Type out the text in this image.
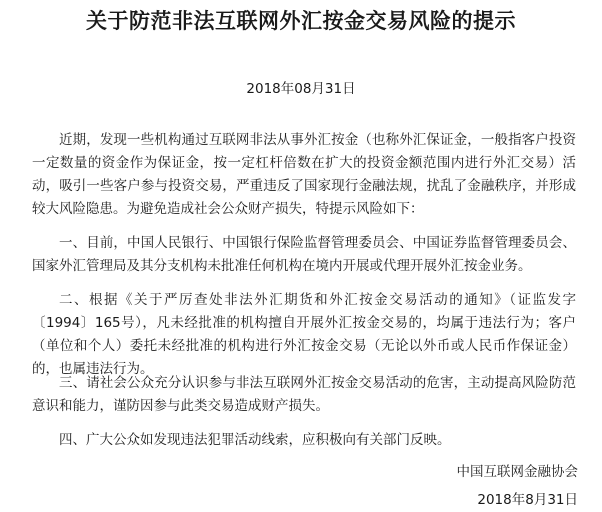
关于防范非法互联网外汇按金交易风险的提示
2018年08月31日

近期，发现一些机构通过互联网非法从事外汇按金（也称外汇保证金，一般指客户投资一定数量的资金作为保证金，按一定杠杆倍数在扩大的投资金额范围内进行外汇交易）活动，吸引一些客户参与投资交易，严重违反了国家现行金融法规，扰乱了金融秩序，并形成较大风险隐患。为避免造成社会公众财产损失，特提示风险如下：

一、目前，中国人民银行、中国银行保险监督管理委员会、中国证券监督管理委员会、国家外汇管理局及其分支机构未批准任何机构在境内开展或代理开展外汇按金业务。

二、根据《关于严厉查处非法外汇期货和外汇按金交易活动的通知》（证监发字〔1994〕165号），凡未经批准的机构擅自开展外汇按金交易的，均属于违法行为；客户（单位和个人）委托未经批准的机构进行外汇按金交易（无论以外币或人民币作保证金）的，也属违法行为。

三、请社会公众充分认识参与非法互联网外汇按金交易活动的危害，主动提高风险防范意识和能力，谨防因参与此类交易造成财产损失。

四、广大公众如发现违法犯罪活动线索，应积极向有关部门反映。

中国互联网金融协会
2018年8月31日
